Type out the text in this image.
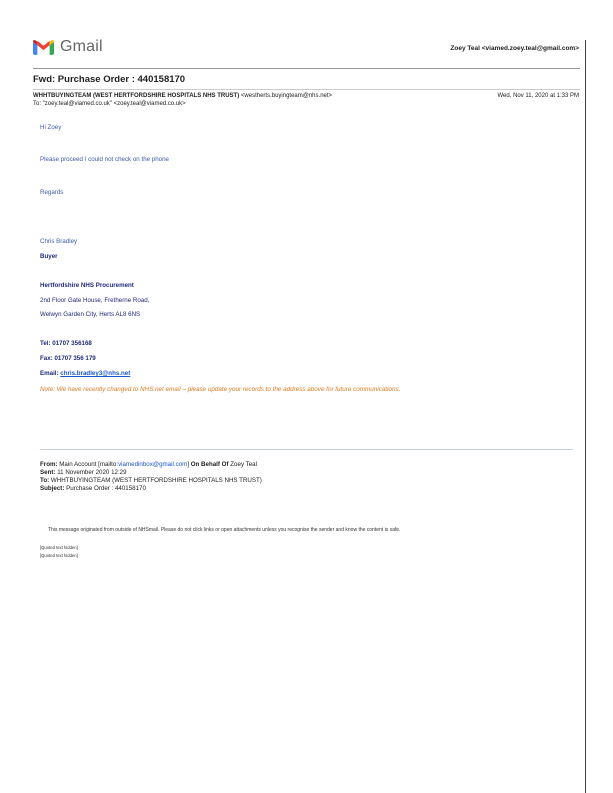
Gmail	Zoey Teal <viamed.zoey.teal@gmail.com>
Fwd: Purchase Order : 440158170
WHHTBUYINGTEAM (WEST HERTFORDSHIRE HOSPITALS NHS TRUST) <westherts.buyingteam@nhs.net>	Wed, Nov 11, 2020 at 1:33 PM
To: "zoey.teal@viamed.co.uk" <zoey.teal@viamed.co.uk>
Hi Zoey
Please proceed I could not check on the phone
Regards
Chris Bradley
Buyer
Hertfordshire NHS Procurement
2nd Floor Gate House, Fretherne Road,
Welwyn Garden City, Herts AL8 6NS
Tel: 01707 356168
Fax: 01707 356 179
Email: chris.bradley3@nhs.net
Note: We have recently changed to NHS.net email – please update your records to the address above for future communications.
From: Main Account [mailto:viamedinbox@gmail.com] On Behalf Of Zoey Teal
Sent: 11 November 2020 12:29
To: WHHTBUYINGTEAM (WEST HERTFORDSHIRE HOSPITALS NHS TRUST)
Subject: Purchase Order : 440158170
This message originated from outside of NHSmail. Please do not click links or open attachments unless you recognise the sender and know the content is safe.
[Quoted text hidden]
[Quoted text hidden]
